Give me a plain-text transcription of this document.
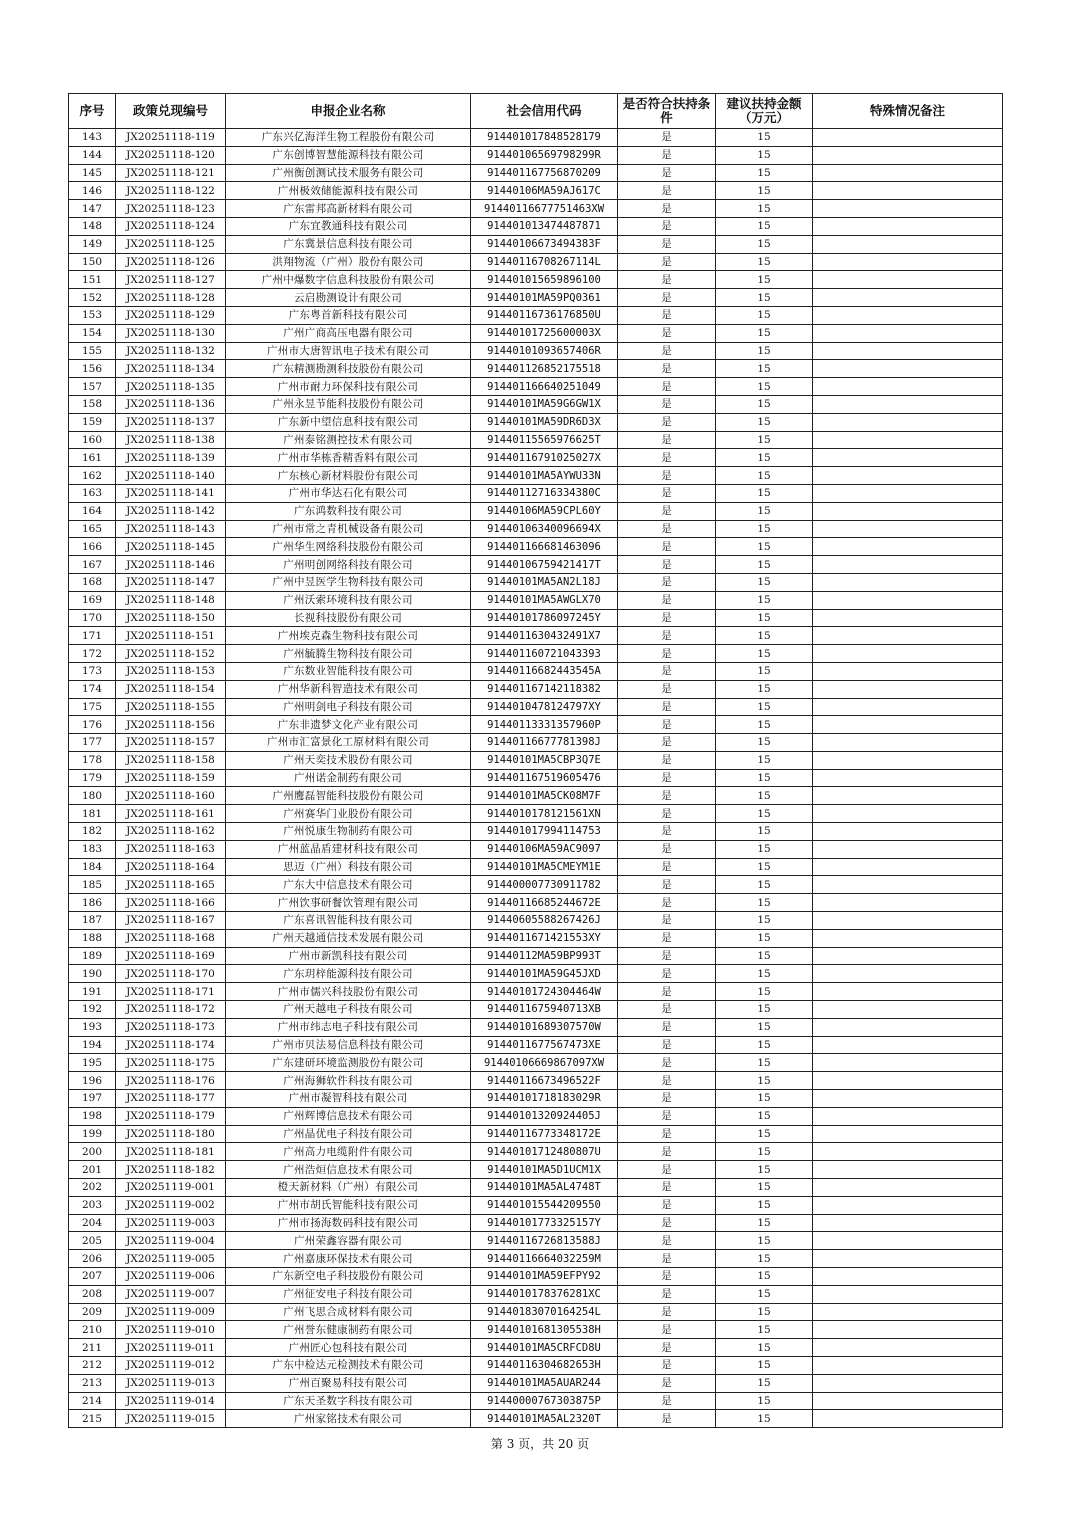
序号	政策兑现编号	申报企业名称	社会信用代码	是否符合扶持条件	建议扶持金额（万元）	特殊情况备注
143	JX20251118-119	广东兴亿海洋生物工程股份有限公司	914401017848528179	是	15	
144	JX20251118-120	广东创博智慧能源科技有限公司	91440106569798299R	是	15	
145	JX20251118-121	广州衡创测试技术服务有限公司	914401167756870209	是	15	
146	JX20251118-122	广州极效储能源科技有限公司	91440106MA59AJ617C	是	15	
147	JX20251118-123	广东雷邦高新材料有限公司	91440116677751463XW	是	15	
148	JX20251118-124	广东宜教通科技有限公司	914401013474487871	是	15	
149	JX20251118-125	广东冀景信息科技有限公司	91440106673494383F	是	15	
150	JX20251118-126	洪翔物流（广州）股份有限公司	91440116708267114L	是	15	
151	JX20251118-127	广州中爆数字信息科技股份有限公司	914401015659896100	是	15	
152	JX20251118-128	云启勘测设计有限公司	91440101MA59PQ0361	是	15	
153	JX20251118-129	广东粤首新科技有限公司	91440116736176850U	是	15	
154	JX20251118-130	广州广商高压电器有限公司	91440101725600003X	是	15	
155	JX20251118-132	广州市大唐智讯电子技术有限公司	91440101093657406R	是	15	
156	JX20251118-134	广东精测勘测科技股份有限公司	914401126852175518	是	15	
157	JX20251118-135	广州市耐力环保科技有限公司	914401166640251049	是	15	
158	JX20251118-136	广州永昱节能科技股份有限公司	91440101MA59G6GW1X	是	15	
159	JX20251118-137	广东新中望信息科技有限公司	91440101MA59DR6D3X	是	15	
160	JX20251118-138	广州泰铭测控技术有限公司	91440115565976625T	是	15	
161	JX20251118-139	广州市华栋香精香料有限公司	91440116791025027X	是	15	
162	JX20251118-140	广东核心新材料股份有限公司	91440101MA5AYWU33N	是	15	
163	JX20251118-141	广州市华达石化有限公司	91440112716334380C	是	15	
164	JX20251118-142	广东鸿数科技有限公司	91440106MA59CPL60Y	是	15	
165	JX20251118-143	广州市常之青机械设备有限公司	91440106340096694X	是	15	
166	JX20251118-145	广州华生网络科技股份有限公司	914401166681463096	是	15	
167	JX20251118-146	广州明创网络科技有限公司	91440106759421417T	是	15	
168	JX20251118-147	广州中昱医学生物科技有限公司	91440101MA5AN2L18J	是	15	
169	JX20251118-148	广州沃索环境科技有限公司	91440101MA5AWGLX70	是	15	
170	JX20251118-150	长视科技股份有限公司	91440101786097245Y	是	15	
171	JX20251118-151	广州埃克森生物科技有限公司	9144011630432491X7	是	15	
172	JX20251118-152	广州毓腾生物科技有限公司	914401160721043393	是	15	
173	JX20251118-153	广东数业智能科技有限公司	91440116682443545A	是	15	
174	JX20251118-154	广州华新科智造技术有限公司	914401167142118382	是	15	
175	JX20251118-155	广州明剑电子科技有限公司	9144010478124797XY	是	15	
176	JX20251118-156	广东非遗梦文化产业有限公司	91440113331357960P	是	15	
177	JX20251118-157	广州市汇富景化工原材料有限公司	91440116677781398J	是	15	
178	JX20251118-158	广州天奕技术股份有限公司	91440101MA5CBP3Q7E	是	15	
179	JX20251118-159	广州诺金制药有限公司	914401167519605476	是	15	
180	JX20251118-160	广州鹰磊智能科技股份有限公司	91440101MA5CK08M7F	是	15	
181	JX20251118-161	广州赛华门业股份有限公司	9144010178121561XN	是	15	
182	JX20251118-162	广州悦康生物制药有限公司	914401017994114753	是	15	
183	JX20251118-163	广州蓝晶盾建材科技有限公司	91440106MA59AC9097	是	15	
184	JX20251118-164	思迈（广州）科技有限公司	91440101MA5CMEYM1E	是	15	
185	JX20251118-165	广东大中信息技术有限公司	914400007730911782	是	15	
186	JX20251118-166	广州饮事研餐饮管理有限公司	91440116685244672E	是	15	
187	JX20251118-167	广东喜讯智能科技有限公司	91440605588267426J	是	15	
188	JX20251118-168	广州天越通信技术发展有限公司	9144011671421553XY	是	15	
189	JX20251118-169	广州市新凯科技有限公司	91440112MA59BP993T	是	15	
190	JX20251118-170	广东玥梓能源科技有限公司	91440101MA59G45JXD	是	15	
191	JX20251118-171	广州市儒兴科技股份有限公司	91440101724304464W	是	15	
192	JX20251118-172	广州天越电子科技有限公司	9144011675940713XB	是	15	
193	JX20251118-173	广州市纬志电子科技有限公司	91440101689307570W	是	15	
194	JX20251118-174	广州市贝法易信息科技有限公司	9144011677567473XE	是	15	
195	JX20251118-175	广东建研环境监测股份有限公司	91440106669867097XW	是	15	
196	JX20251118-176	广州海狮软件科技有限公司	91440116673496522F	是	15	
197	JX20251118-177	广州市凝智科技有限公司	91440101718183029R	是	15	
198	JX20251118-179	广州辉博信息技术有限公司	91440101320924405J	是	15	
199	JX20251118-180	广州晶优电子科技有限公司	91440116773348172E	是	15	
200	JX20251118-181	广州高力电缆附件有限公司	91440101712480807U	是	15	
201	JX20251118-182	广州浩烜信息技术有限公司	91440101MA5D1UCM1X	是	15	
202	JX20251119-001	橙天新材料（广州）有限公司	91440101MA5AL4748T	是	15	
203	JX20251119-002	广州市胡氏智能科技有限公司	914401015544209550	是	15	
204	JX20251119-003	广州市扬海数码科技有限公司	91440101773325157Y	是	15	
205	JX20251119-004	广州荣鑫容器有限公司	91440116726813588J	是	15	
206	JX20251119-005	广州嘉康环保技术有限公司	91440116664032259M	是	15	
207	JX20251119-006	广东新空电子科技股份有限公司	91440101MA59EFPY92	是	15	
208	JX20251119-007	广州征安电子科技有限公司	9144010178376281XC	是	15	
209	JX20251119-009	广州飞思合成材料有限公司	91440183070164254L	是	15	
210	JX20251119-010	广州誉东健康制药有限公司	91440101681305538H	是	15	
211	JX20251119-011	广州匠心包科技有限公司	91440101MA5CRFCD8U	是	15	
212	JX20251119-012	广东中检达元检测技术有限公司	91440116304682653H	是	15	
213	JX20251119-013	广州百聚易科技有限公司	91440101MA5AUAR244	是	15	
214	JX20251119-014	广东天圣数字科技有限公司	91440000767303875P	是	15	
215	JX20251119-015	广州家铭技术有限公司	91440101MA5AL2320T	是	15	
第 3 页，共 20 页
